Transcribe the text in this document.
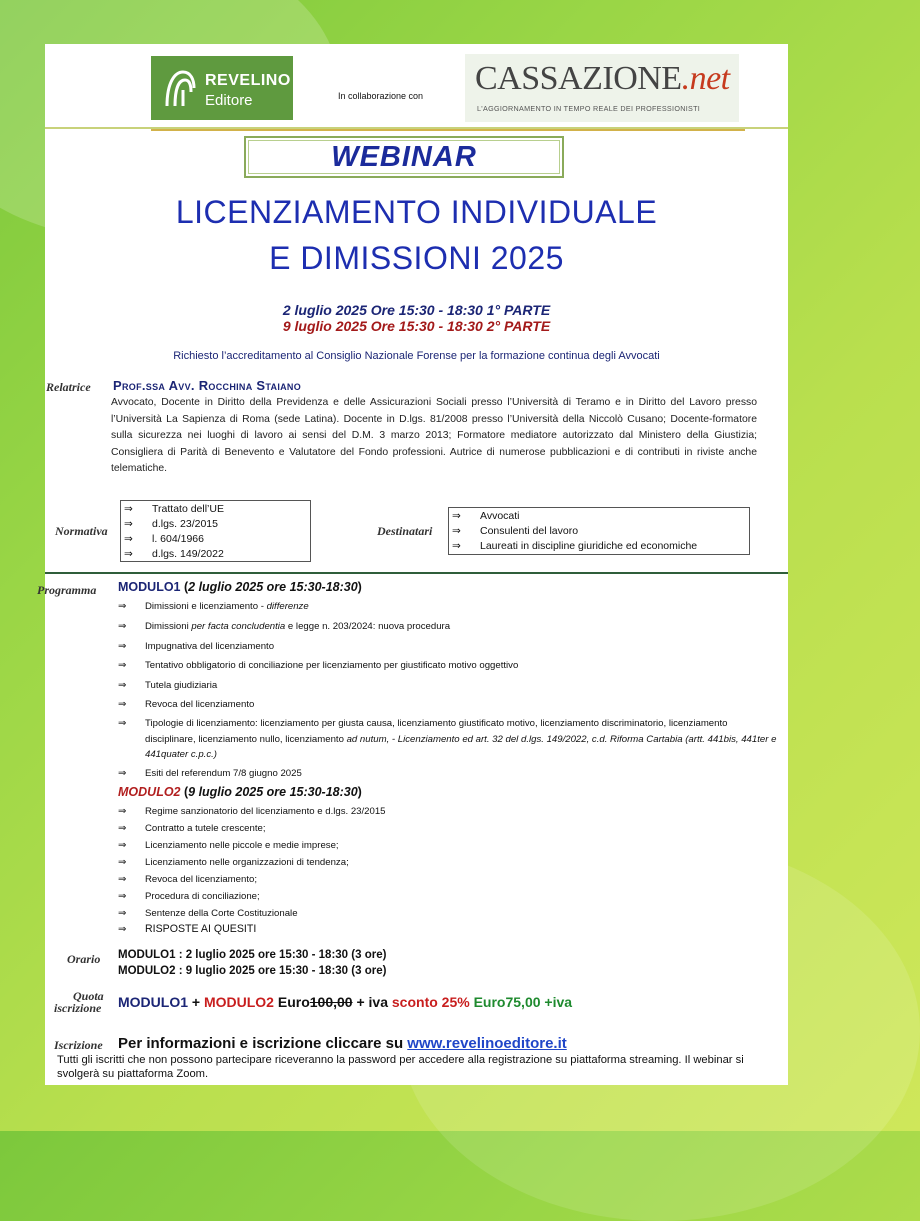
REVELINO
Editore	In collaborazione con CASSAZIONE.net
L'AGGIORNAMENTO IN TEMPO REALE DEI PROFESSIONISTI
WEBINAR
LICENZIAMENTO INDIVIDUALE
E DIMISSIONI 2025
2 luglio 2025 Ore 15:30 - 18:30 1° PARTE
9 luglio 2025 Ore 15:30 - 18:30 2° PARTE
Richiesto l’accreditamento al Consiglio Nazionale Forense per la formazione continua degli Avvocati
Relatrice Prof.ssa Avv. Rocchina Staiano
Avvocato, Docente in Diritto della Previdenza e delle Assicurazioni Sociali presso l’Università di Teramo e in Diritto del Lavoro presso l’Università La Sapienza di Roma (sede Latina). Docente in D.lgs. 81/2008 presso l’Università della Niccolò Cusano; Docente-formatore sulla sicurezza nei luoghi di lavoro ai sensi del D.M. 3 marzo 2013; Formatore mediatore autorizzato dal Ministero della Giustizia; Consigliera di Parità di Benevento e Valutatore del Fondo professioni. Autrice di numerose pubblicazioni e di contributi in riviste anche telematiche.
Normativa
⇒ Trattato dell’UE
⇒ d.lgs. 23/2015
⇒ l. 604/1966
⇒ d.lgs. 149/2022
Destinatari
⇒ Avvocati
⇒ Consulenti del lavoro
⇒ Laureati in discipline giuridiche ed economiche
Programma MODULO1 (2 luglio 2025 ore 15:30-18:30)
⇒	Dimissioni e licenziamento - differenze
⇒	Dimissioni per facta concludentia e legge n. 203/2024: nuova procedura
⇒	Impugnativa del licenziamento
⇒	Tentativo obbligatorio di conciliazione per licenziamento per giustificato motivo oggettivo
⇒	Tutela giudiziaria
⇒	Revoca del licenziamento
⇒	Tipologie di licenziamento: licenziamento per giusta causa, licenziamento giustificato motivo, licenziamento discriminatorio, licenziamento disciplinare, licenziamento nullo, licenziamento ad nutum, - Licenziamento ed art. 32 del d.lgs. 149/2022, c.d. Riforma Cartabia (artt. 441bis, 441ter e 441quater c.p.c.)
⇒	Esiti del referendum 7/8 giugno 2025
MODULO2 (9 luglio 2025 ore 15:30-18:30)
⇒	Regime sanzionatorio del licenziamento e d.lgs. 23/2015
⇒	Contratto a tutele crescente;
⇒	Licenziamento nelle piccole e medie imprese;
⇒	Licenziamento nelle organizzazioni di tendenza;
⇒	Revoca del licenziamento;
⇒	Procedura di conciliazione;
⇒	Sentenze della Corte Costituzionale
⇒	RISPOSTE AI QUESITI
Orario MODULO1 : 2 luglio 2025 ore 15:30 - 18:30 (3 ore)
MODULO2 : 9 luglio 2025 ore 15:30 - 18:30 (3 ore)
Quota
iscrizione MODULO1 + MODULO2 Euro100,00 + iva sconto 25% Euro75,00 +iva
Iscrizione Per informazioni e iscrizione cliccare su www.revelinoeditore.it
Tutti gli iscritti che non possono partecipare riceveranno la password per accedere alla registrazione su piattaforma streaming. Il webinar si svolgerà su piattaforma Zoom.
